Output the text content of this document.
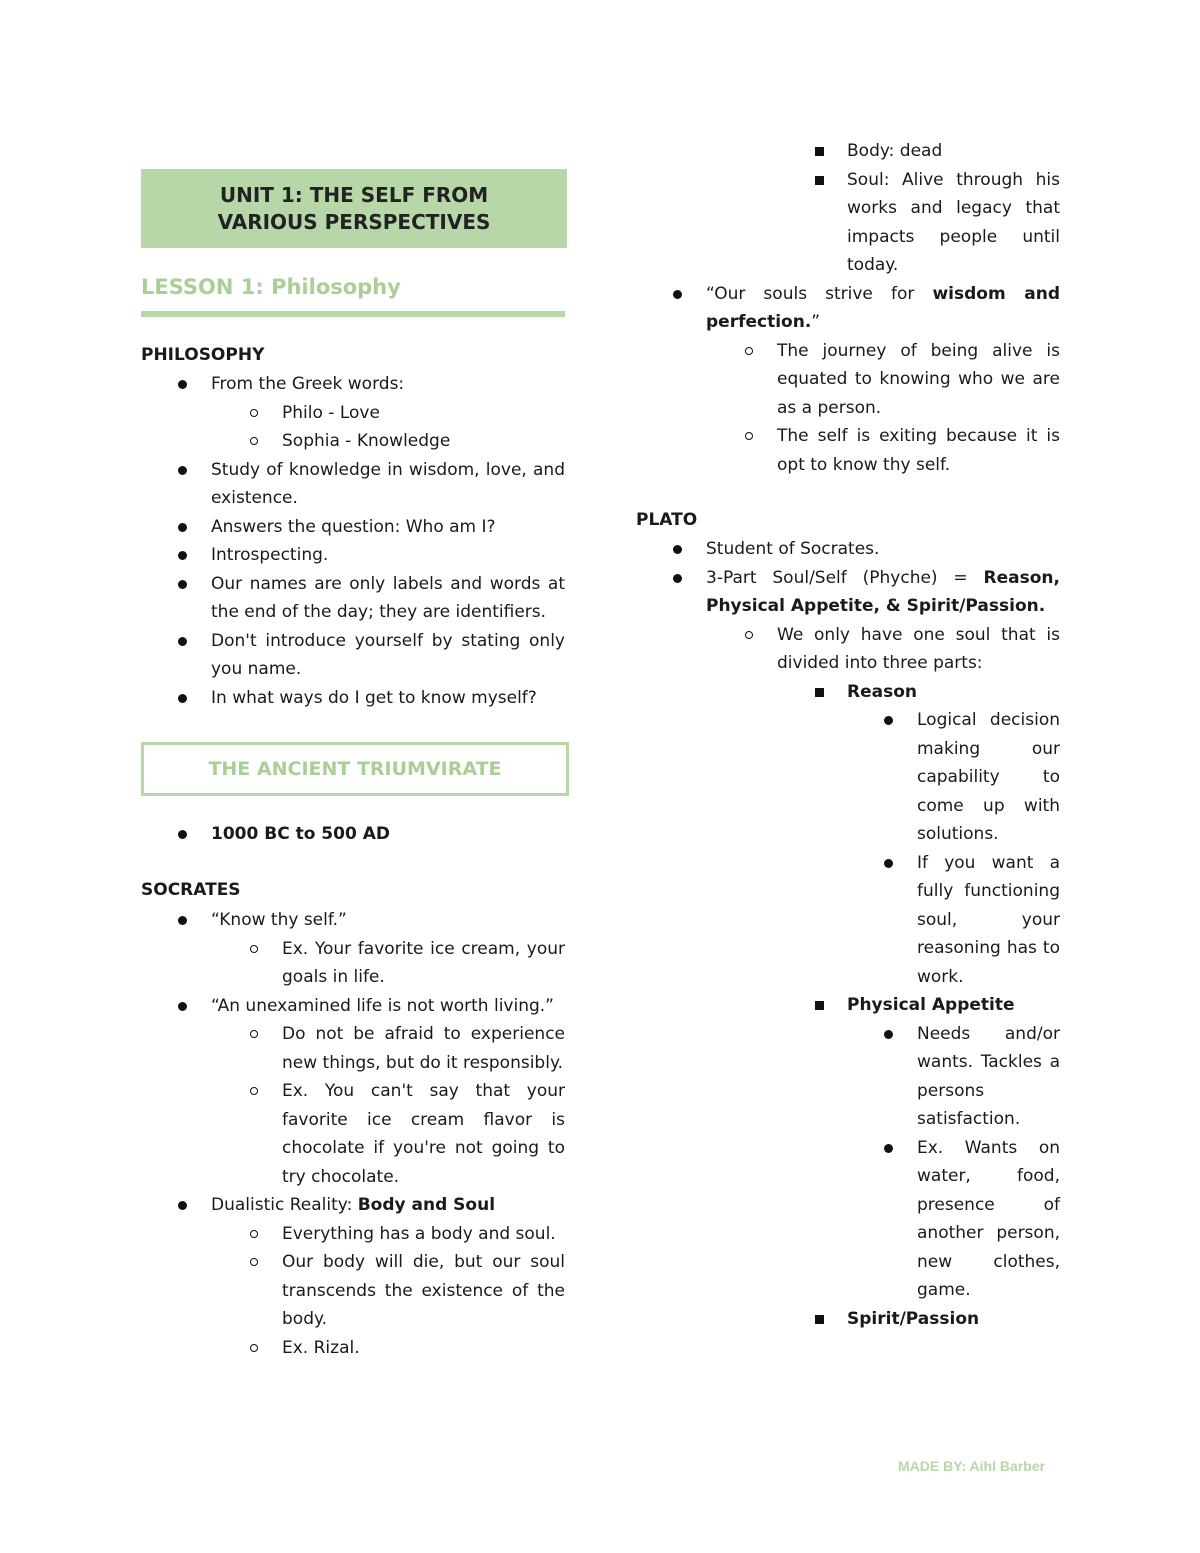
UNIT 1: THE SELF FROM VARIOUS PERSPECTIVES
LESSON 1: Philosophy
PHILOSOPHY
From the Greek words:
Philo - Love
Sophia - Knowledge
Study of knowledge in wisdom, love, and existence.
Answers the question: Who am I?
Introspecting.
Our names are only labels and words at the end of the day; they are identifiers.
Don't introduce yourself by stating only you name.
In what ways do I get to know myself?
THE ANCIENT TRIUMVIRATE
1000 BC to 500 AD
SOCRATES
“Know thy self.”
Ex. Your favorite ice cream, your goals in life.
“An unexamined life is not worth living.”
Do not be afraid to experience new things, but do it responsibly.
Ex. You can't say that your favorite ice cream flavor is chocolate if you're not going to try chocolate.
Dualistic Reality: Body and Soul
Everything has a body and soul.
Our body will die, but our soul transcends the existence of the body.
Ex. Rizal.
Body: dead
Soul: Alive through his works and legacy that impacts people until today.
“Our souls strive for wisdom and perfection.”
The journey of being alive is equated to knowing who we are as a person.
The self is exiting because it is opt to know thy self.
PLATO
Student of Socrates.
3-Part Soul/Self (Phyche) = Reason, Physical Appetite, & Spirit/Passion.
We only have one soul that is divided into three parts:
Reason
Logical decision making our capability to come up with solutions.
If you want a fully functioning soul, your reasoning has to work.
Physical Appetite
Needs and/or wants. Tackles a persons satisfaction.
Ex. Wants on water, food, presence of another person, new clothes, game.
Spirit/Passion
MADE BY: Aihl Barber
